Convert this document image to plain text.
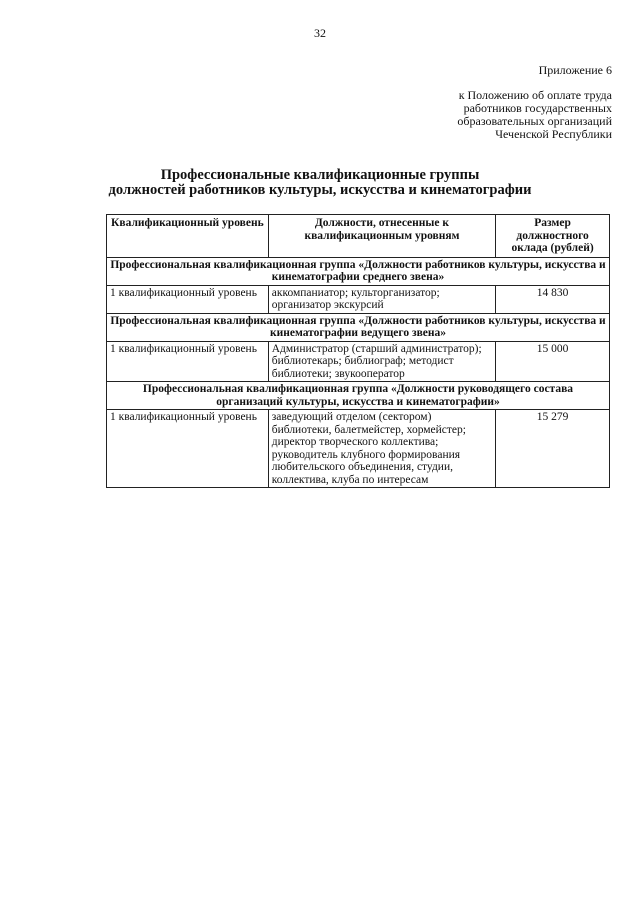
32
Приложение 6
к Положению об оплате труда
работников государственных
образовательных организаций
Чеченской Республики
Профессиональные квалификационные группы
должностей работников культуры, искусства и кинематографии
Квалификационный уровень	Должности, отнесенные к квалификационным уровням	Размер должностного оклада (рублей)
Профессиональная квалификационная группа «Должности работников культуры, искусства и кинематографии среднего звена»		
1 квалификационный уровень	аккомпаниатор; культорганизатор; организатор экскурсий	14 830
Профессиональная квалификационная группа «Должности работников культуры, искусства и кинематографии ведущего звена»		
1 квалификационный уровень	Администратор (старший администратор); библиотекарь; библиограф; методист библиотеки; звукооператор	15 000
Профессиональная квалификационная группа «Должности руководящего состава организаций культуры, искусства и кинематографии»		
1 квалификационный уровень	заведующий отделом (сектором) библиотеки, балетмейстер, хормейстер; директор творческого коллектива; руководитель клубного формирования любительского объединения, студии, коллектива, клуба по интересам	15 279
